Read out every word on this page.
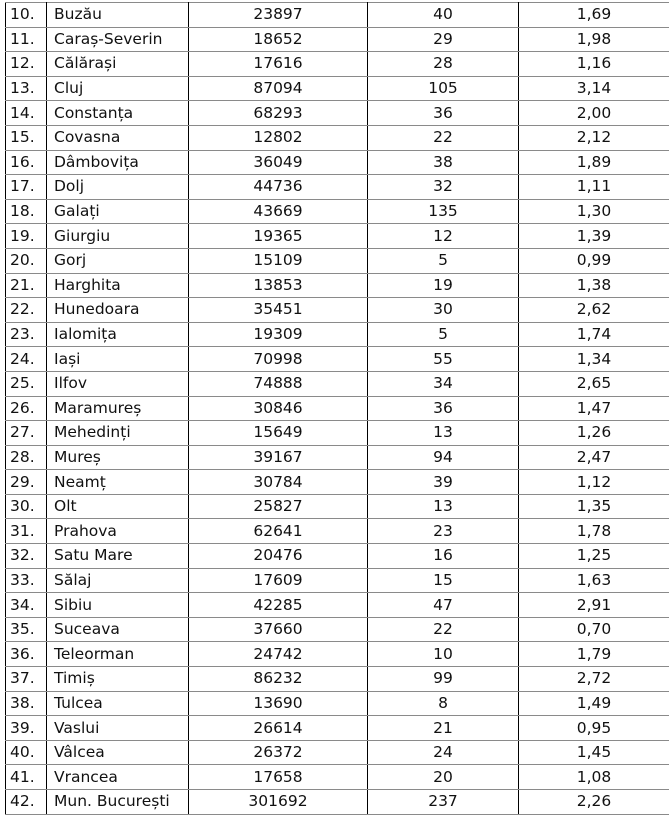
10.	Buzău	23897	40	1,69
11.	Caraș-Severin	18652	29	1,98
12.	Călărași	17616	28	1,16
13.	Cluj	87094	105	3,14
14.	Constanța	68293	36	2,00
15.	Covasna	12802	22	2,12
16.	Dâmbovița	36049	38	1,89
17.	Dolj	44736	32	1,11
18.	Galați	43669	135	1,30
19.	Giurgiu	19365	12	1,39
20.	Gorj	15109	5	0,99
21.	Harghita	13853	19	1,38
22.	Hunedoara	35451	30	2,62
23.	Ialomița	19309	5	1,74
24.	Iași	70998	55	1,34
25.	Ilfov	74888	34	2,65
26.	Maramureș	30846	36	1,47
27.	Mehedinți	15649	13	1,26
28.	Mureș	39167	94	2,47
29.	Neamț	30784	39	1,12
30.	Olt	25827	13	1,35
31.	Prahova	62641	23	1,78
32.	Satu Mare	20476	16	1,25
33.	Sălaj	17609	15	1,63
34.	Sibiu	42285	47	2,91
35.	Suceava	37660	22	0,70
36.	Teleorman	24742	10	1,79
37.	Timiș	86232	99	2,72
38.	Tulcea	13690	8	1,49
39.	Vaslui	26614	21	0,95
40.	Vâlcea	26372	24	1,45
41.	Vrancea	17658	20	1,08
42.	Mun. București	301692	237	2,26
